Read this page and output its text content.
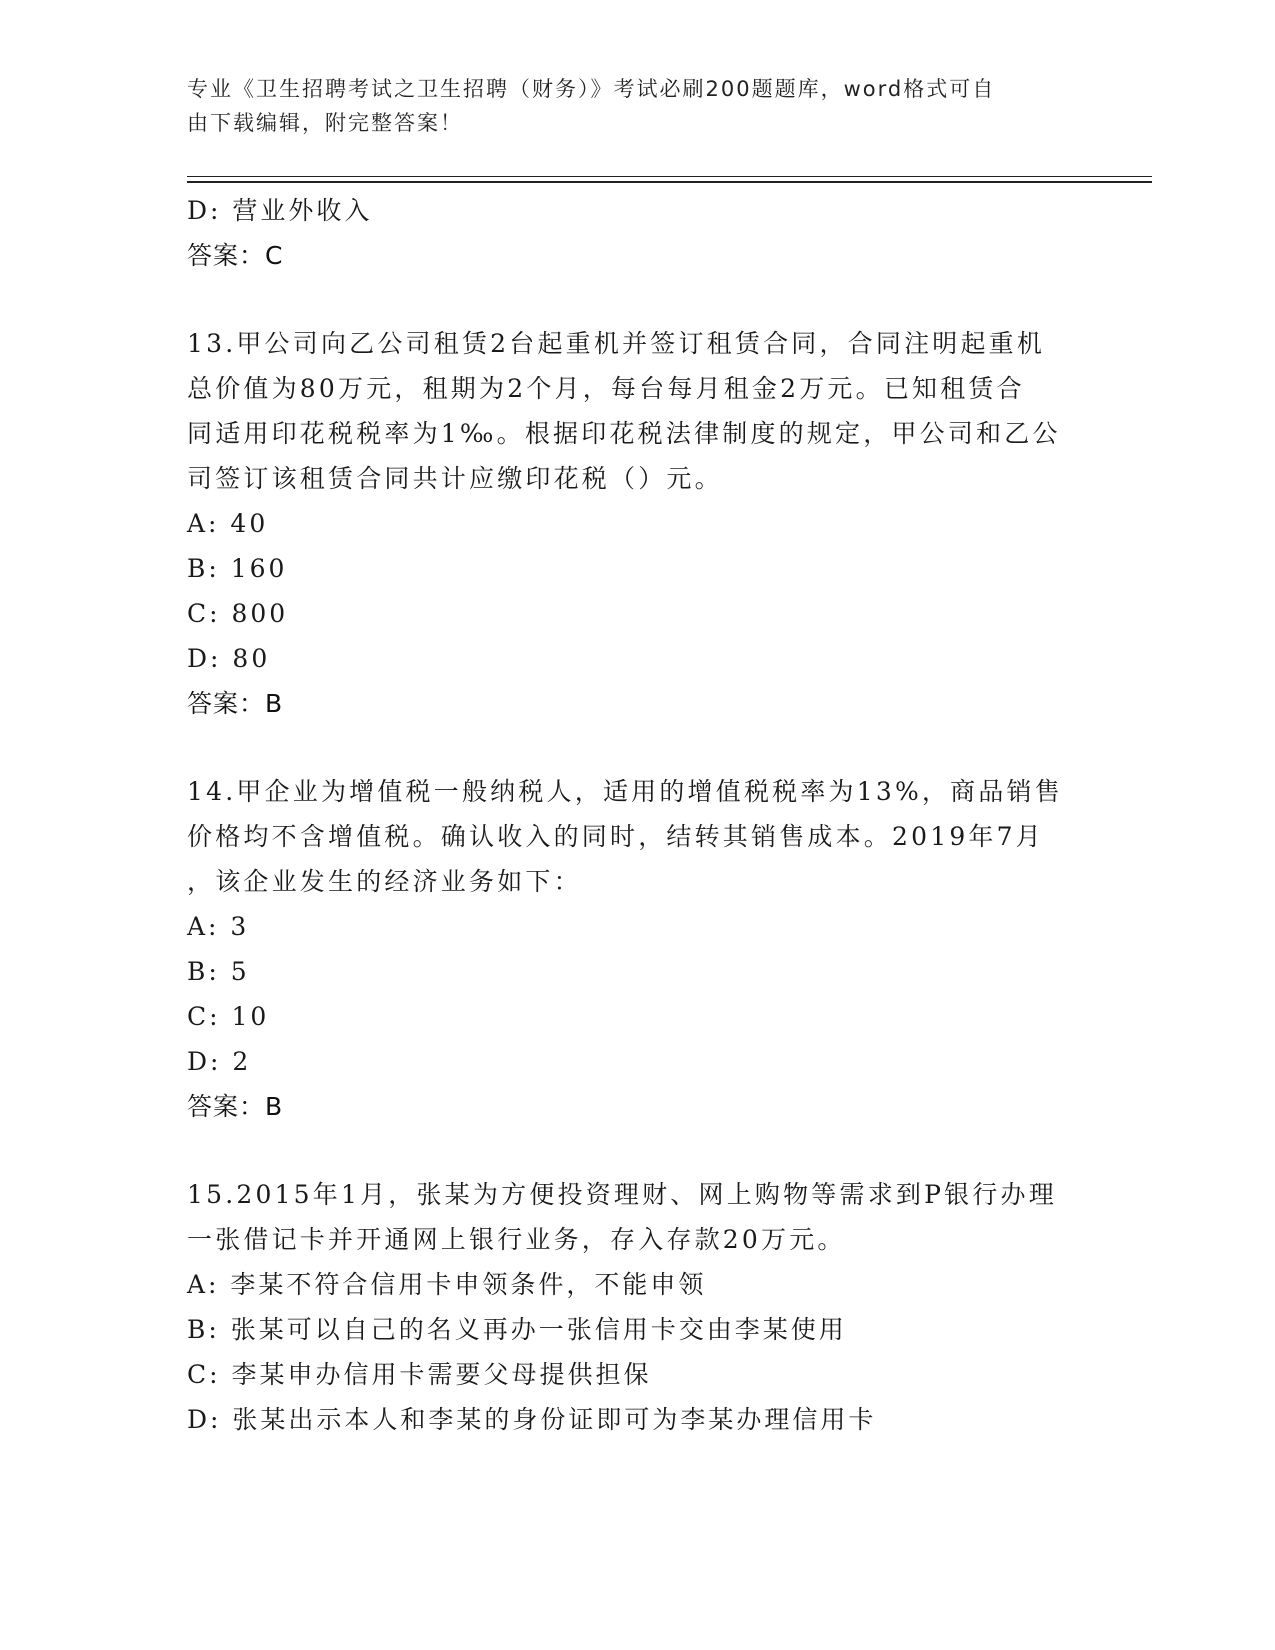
专业《卫生招聘考试之卫生招聘（财务）》考试必刷200题题库，word格式可自
由下载编辑，附完整答案！
D: 营业外收入
答案：C
13.甲公司向乙公司租赁2台起重机并签订租赁合同，合同注明起重机
总价值为80万元，租期为2个月，每台每月租金2万元。已知租赁合
同适用印花税税率为1‰。根据印花税法律制度的规定，甲公司和乙公
司签订该租赁合同共计应缴印花税（）元。
A: 40
B: 160
C: 800
D: 80
答案：B
14.甲企业为增值税一般纳税人，适用的增值税税率为13%，商品销售
价格均不含增值税。确认收入的同时，结转其销售成本。2019年7月
，该企业发生的经济业务如下：
A: 3
B: 5
C: 10
D: 2
答案：B
15.2015年1月，张某为方便投资理财、网上购物等需求到P银行办理
一张借记卡并开通网上银行业务，存入存款20万元。
A: 李某不符合信用卡申领条件，不能申领
B: 张某可以自己的名义再办一张信用卡交由李某使用
C: 李某申办信用卡需要父母提供担保
D: 张某出示本人和李某的身份证即可为李某办理信用卡
